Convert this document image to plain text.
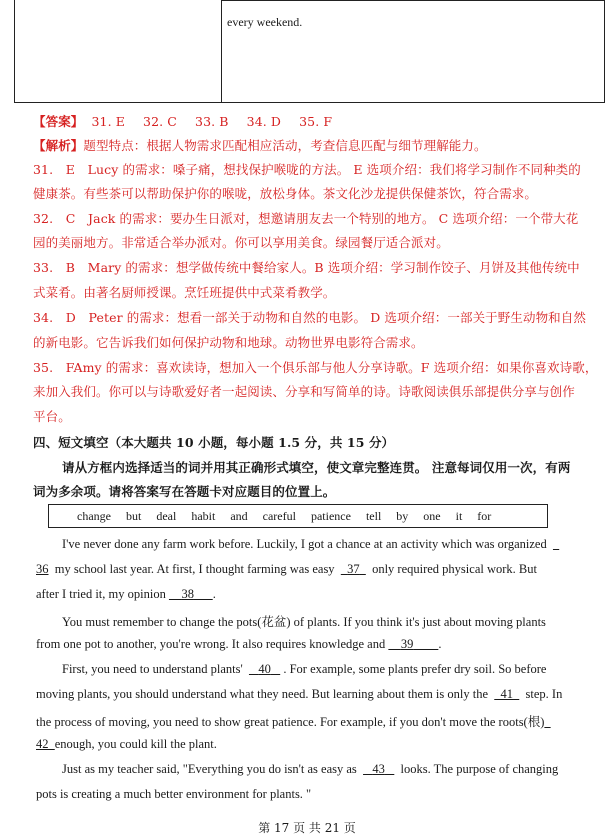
every weekend.
【答案】 31. E 32. C 33. B 34. D 35. F
【解析】题型特点：根据人物需求匹配相应活动，考查信息匹配与细节理解能力。
31.　E　Lucy 的需求：嗓子痛，想找保护喉咙的方法。 E 选项介绍：我们将学习制作不同种类的
健康茶。有些茶可以帮助保护你的喉咙，放松身体。茶文化沙龙提供保健茶饮，符合需求。
32.　C　Jack 的需求：要办生日派对，想邀请朋友去一个特别的地方。 C 选项介绍：一个带大花
园的美丽地方。非常适合举办派对。你可以享用美食。绿园餐厅适合派对。
33.　B　Mary 的需求：想学做传统中餐给家人。B 选项介绍：学习制作饺子、月饼及其他传统中
式菜肴。由著名厨师授课。烹饪班提供中式菜肴教学。
34.　D　Peter 的需求：想看一部关于动物和自然的电影。 D 选项介绍：一部关于野生动物和自然
的新电影。它告诉我们如何保护动物和地球。动物世界电影符合需求。
35.　FAmy 的需求：喜欢读诗，想加入一个俱乐部与他人分享诗歌。F 选项介绍：如果你喜欢诗歌，
来加入我们。你可以与诗歌爱好者一起阅读、分享和写简单的诗。诗歌阅读俱乐部提供分享与创作
平台。
四、短文填空（本大题共 10 小题，每小题 1.5 分，共 15 分）
请从方框内选择适当的词并用其正确形式填空，使文章完整连贯。 注意每词仅用一次，有两
词为多余项。请将答案写在答题卡对应题目的位置上。
change but deal habit and careful patience tell by one it for
I've never done any farm work before. Luckily, I got a chance at an activity which was organized
36 my school last year. At first, I thought farming was easy 37 only required physical work. But
after I tried it, my opinion 38 .
You must remember to change the pots(花盆) of plants. If you think it's just about moving plants
from one pot to another, you're wrong. It also requires knowledge and 39 .
First, you need to understand plants' 40 . For example, some plants prefer dry soil. So before
moving plants, you should understand what they need. But learning about them is only the 41 step. In
the process of moving, you need to show great patience. For example, if you don't move the roots(根)
42 enough, you could kill the plant.
Just as my teacher said, "Everything you do isn't as easy as 43 looks. The purpose of changing
pots is creating a much better environment for plants. "
第 17 页 共 21 页
